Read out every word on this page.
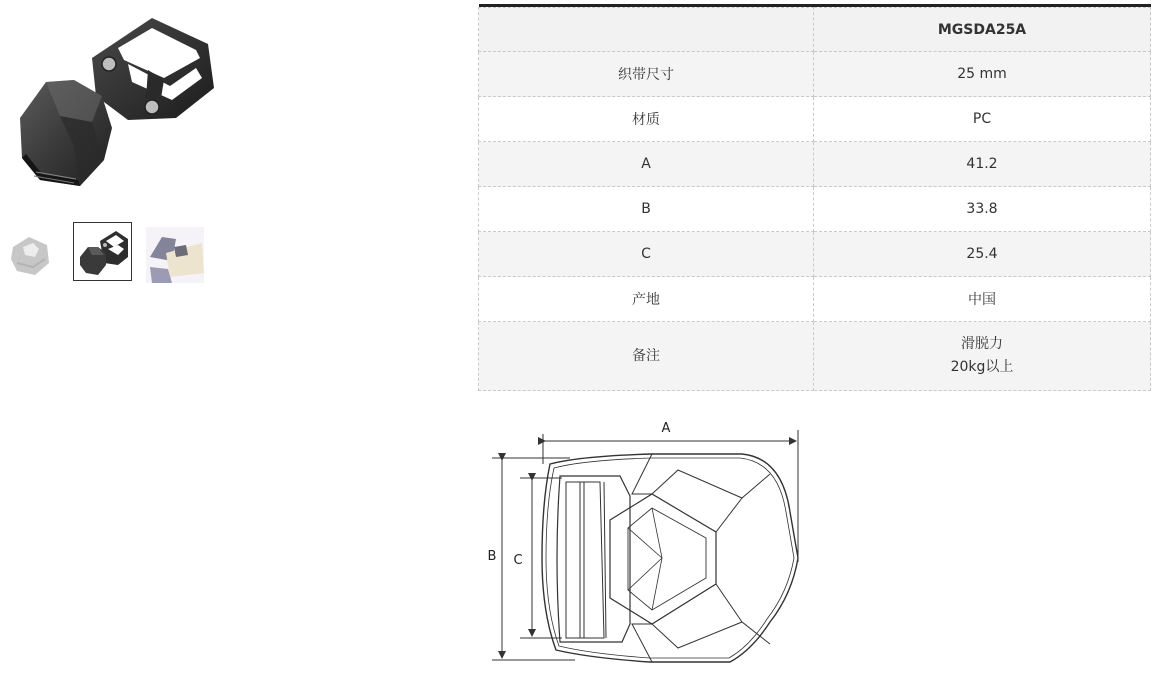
	MGSDA25A
织带尺寸	25 mm
材质	PC
A	41.2
B	33.8
C	25.4
产地	中国
备注	滑脱力
20kg以上
A
B C
